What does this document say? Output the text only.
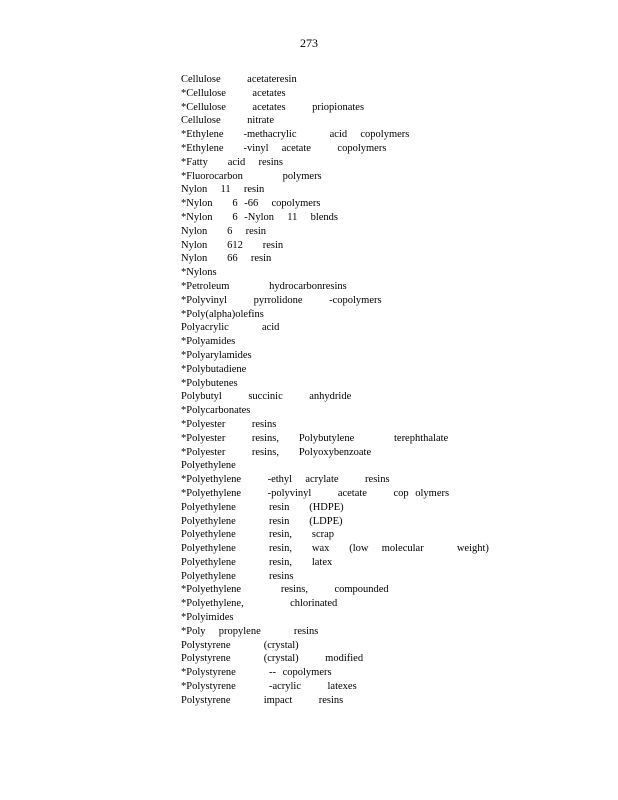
273
Cellulose    acetateresin
*Cellulose    acetates
*Cellulose    acetates    priopionates
Cellulose    nitrate
*Ethylene   -methacrylic     acid  copolymers
*Ethylene   -vinyl  acetate    copolymers
*Fatty   acid  resins
*Fluorocarbon      polymers
Nylon  11  resin
*Nylon   6 -66  copolymers
*Nylon   6 -Nylon  11  blends
Nylon   6  resin
Nylon   612   resin
Nylon   66  resin
*Nylons
*Petroleum      hydrocarbonresins
*Polyvinyl    pyrrolidone    -copolymers
*Poly(alpha)olefins
Polyacrylic     acid
*Polyamides
*Polyarylamides
*Polybutadiene
*Polybutenes
Polybutyl    succinic    anhydride
*Polycarbonates
*Polyester    resins
*Polyester    resins,   Polybutylene      terephthalate
*Polyester    resins,   Polyoxybenzoate
Polyethylene
*Polyethylene    -ethyl  acrylate    resins
*Polyethylene    -polyvinyl    acetate    cop olymers
Polyethylene     resin   (HDPE)
Polyethylene     resin   (LDPE)
Polyethylene     resin,   scrap
Polyethylene     resin,   wax   (low  molecular     weight)
Polyethylene     resin,   latex
Polyethylene     resins
*Polyethylene      resins,    compounded
*Polyethylene,       chlorinated
*Polyimides
*Poly  propylene     resins
Polystyrene     (crystal)
Polystyrene     (crystal)    modified
*Polystyrene     -- copolymers
*Polystyrene     -acrylic    latexes
Polystyrene     impact    resins
